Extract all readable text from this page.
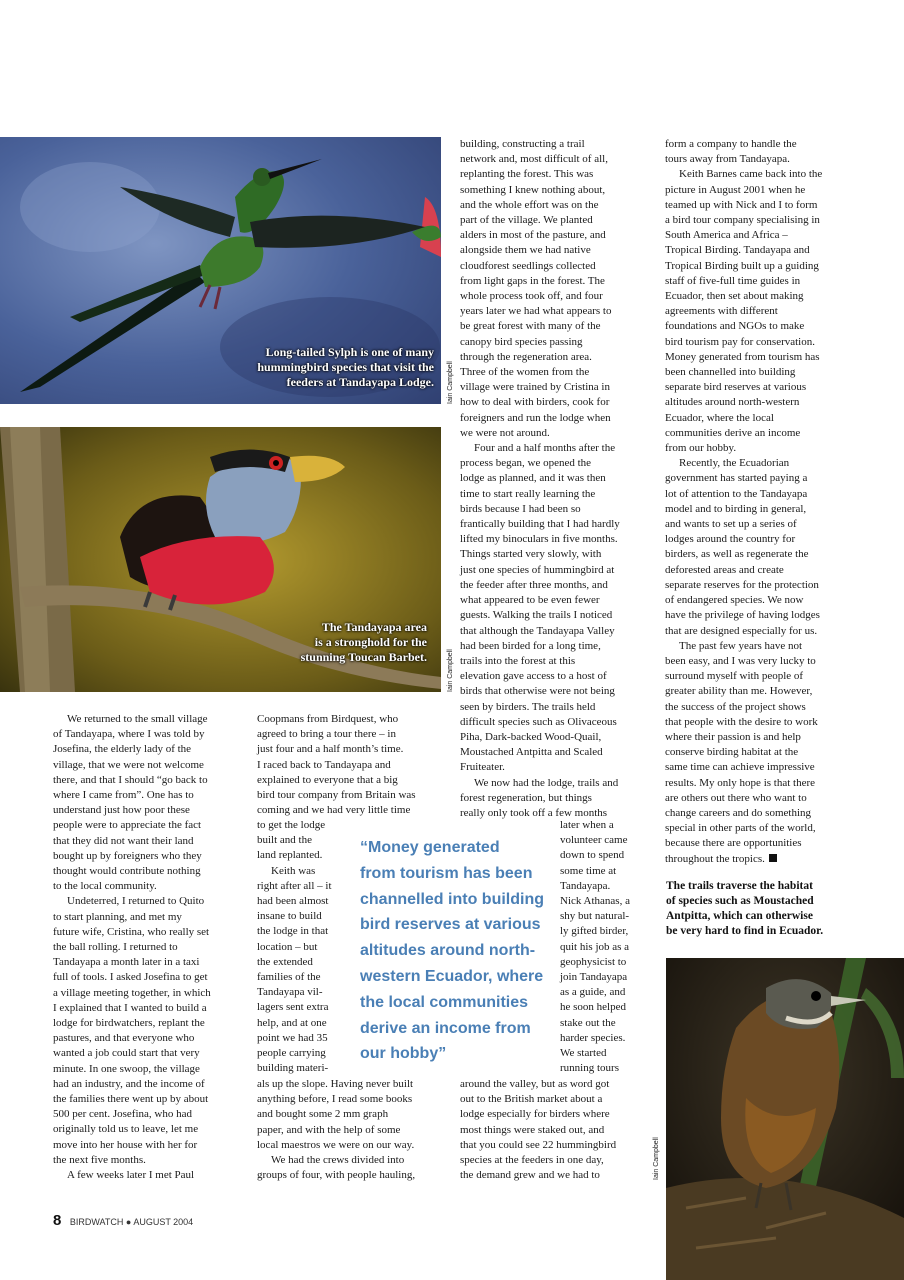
Long-tailed Sylph is one of many
hummingbird species that visit the
feeders at Tandayapa Lodge. Iain Campbell
The Tandayapa area
is a stronghold for the
stunning Toucan Barbet.	Iain Campbell

We returned to the small village

of Tandayapa, where I was told by

Josefina, the elderly lady of the

village, that we were not welcome

there, and that I should “go back to

where I came from”. One has to

understand just how poor these

people were to appreciate the fact

that they did not want their land

bought up by foreigners who they

thought would contribute nothing

to the local community.

Undeterred, I returned to Quito

to start planning, and met my

future wife, Cristina, who really set

the ball rolling. I returned to

Tandayapa a month later in a taxi

full of tools. I asked Josefina to get

a village meeting together, in which

I explained that I wanted to build a

lodge for birdwatchers, replant the

pastures, and that everyone who

wanted a job could start that very

minute. In one swoop, the village

had an industry, and the income of

the families there went up by about

500 per cent. Josefina, who had

originally told us to leave, let me

move into her house with her for

the next five months.

A few weeks later I met Paul

Coopmans from Birdquest, who

agreed to bring a tour there – in

just four and a half month’s time.

I raced back to Tandayapa and

explained to everyone that a big

bird tour company from Britain was

coming and we had very little time

to get the lodge

built and the

land replanted.

Keith was

right after all – it

had been almost

insane to build

the lodge in that

location – but

the extended

families of the

Tandayapa vil-

lagers sent extra

help, and at one

point we had 35

people carrying

building materi-

als up the slope. Having never built

anything before, I read some books

and bought some 2 mm graph

paper, and with the help of some

local maestros we were on our way.

We had the crews divided into

groups of four, with people hauling,

“Money generated
from tourism has been
channelled into building
bird reserves at various
altitudes around north-
western Ecuador, where
the local communities
derive an income from
our hobby”

building, constructing a trail

network and, most difficult of all,

replanting the forest. This was

something I knew nothing about,

and the whole effort was on the

part of the village. We planted

alders in most of the pasture, and

alongside them we had native

cloudforest seedlings collected

from light gaps in the forest. The

whole process took off, and four

years later we had what appears to

be great forest with many of the

canopy bird species passing

through the regeneration area.

Three of the women from the

village were trained by Cristina in

how to deal with birders, cook for

foreigners and run the lodge when

we were not around.

Four and a half months after the

process began, we opened the

lodge as planned, and it was then

time to start really learning the

birds because I had been so

frantically building that I had hardly

lifted my binoculars in five months.

Things started very slowly, with

just one species of hummingbird at

the feeder after three months, and

what appeared to be even fewer

guests. Walking the trails I noticed

that although the Tandayapa Valley

had been birded for a long time,

trails into the forest at this

elevation gave access to a host of

birds that otherwise were not being

seen by birders. The trails held

difficult species such as Olivaceous

Piha, Dark-backed Wood-Quail,

Moustached Antpitta and Scaled

Fruiteater.

We now had the lodge, trails and

forest regeneration, but things

really only took off a few months

later when a

volunteer came

down to spend

some time at

Tandayapa.

Nick Athanas, a

shy but natural-

ly gifted birder,

quit his job as a

geophysicist to

join Tandayapa

as a guide, and

he soon helped

stake out the

harder species.

We started

running tours

around the valley, but as word got

out to the British market about a

lodge especially for birders where

most things were staked out, and

that you could see 22 hummingbird

species at the feeders in one day,

the demand grew and we had to

form a company to handle the

tours away from Tandayapa.

Keith Barnes came back into the

picture in August 2001 when he

teamed up with Nick and I to form

a bird tour company specialising in

South America and Africa –

Tropical Birding. Tandayapa and

Tropical Birding built up a guiding

staff of five-full time guides in

Ecuador, then set about making

agreements with different

foundations and NGOs to make

bird tourism pay for conservation.

Money generated from tourism has

been channelled into building

separate bird reserves at various

altitudes around north-western

Ecuador, where the local

communities derive an income

from our hobby.

Recently, the Ecuadorian

government has started paying a

lot of attention to the Tandayapa

model and to birding in general,

and wants to set up a series of

lodges around the country for

birders, as well as regenerate the

deforested areas and create

separate reserves for the protection

of endangered species. We now

have the privilege of having lodges

that are designed especially for us.

The past few years have not

been easy, and I was very lucky to

surround myself with people of

greater ability than me. However,

the success of the project shows

that people with the desire to work

where their passion is and help

conserve birding habitat at the

same time can achieve impressive

results. My only hope is that there

are others out there who want to

change careers and do something

special in other parts of the world,

because there are opportunities

throughout the tropics.

The trails traverse the habitat
of species such as Moustached
Antpitta, which can otherwise
be very hard to find in Ecuador.
Iain Campbell
8 BIRDWATCH ● AUGUST 2004
